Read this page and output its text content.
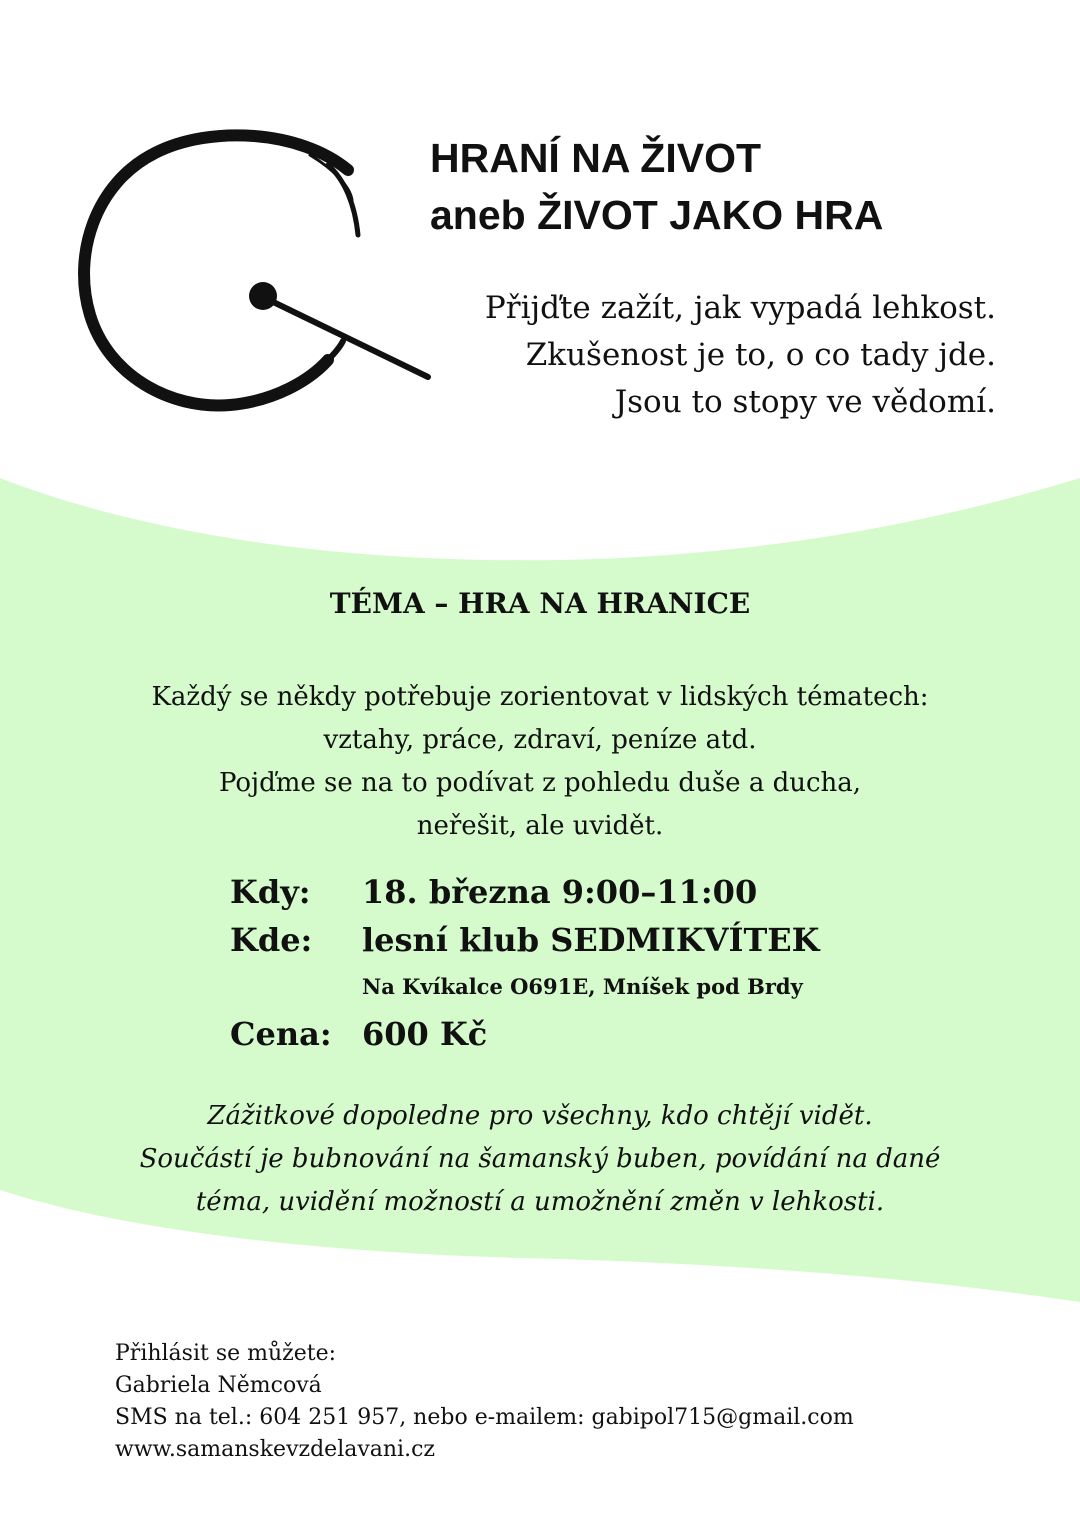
HRANÍ NA ŽIVOT
aneb ŽIVOT JAKO HRA
Přijďte zažít, jak vypadá lehkost.
Zkušenost je to, o co tady jde.
Jsou to stopy ve vědomí.
TÉMA – HRA NA HRANICE
Každý se někdy potřebuje zorientovat v lidských tématech:
vztahy, práce, zdraví, peníze atd.
Pojďme se na to podívat z pohledu duše a ducha,
neřešit, ale uvidět.
Kdy:	18. března 9:00–11:00
Kde:	lesní klub SEDMIKVÍTEK
Na Kvíkalce O691E, Mníšek pod Brdy
Cena: 600 Kč
Zážitkové dopoledne pro všechny, kdo chtějí vidět.
Součástí je bubnování na šamanský buben, povídání na dané
téma, uvidění možností a umožnění změn v lehkosti.
Přihlásit se můžete:
Gabriela Němcová
SMS na tel.: 604 251 957, nebo e-mailem: gabipol715@gmail.com
www.samanskevzdelavani.cz
